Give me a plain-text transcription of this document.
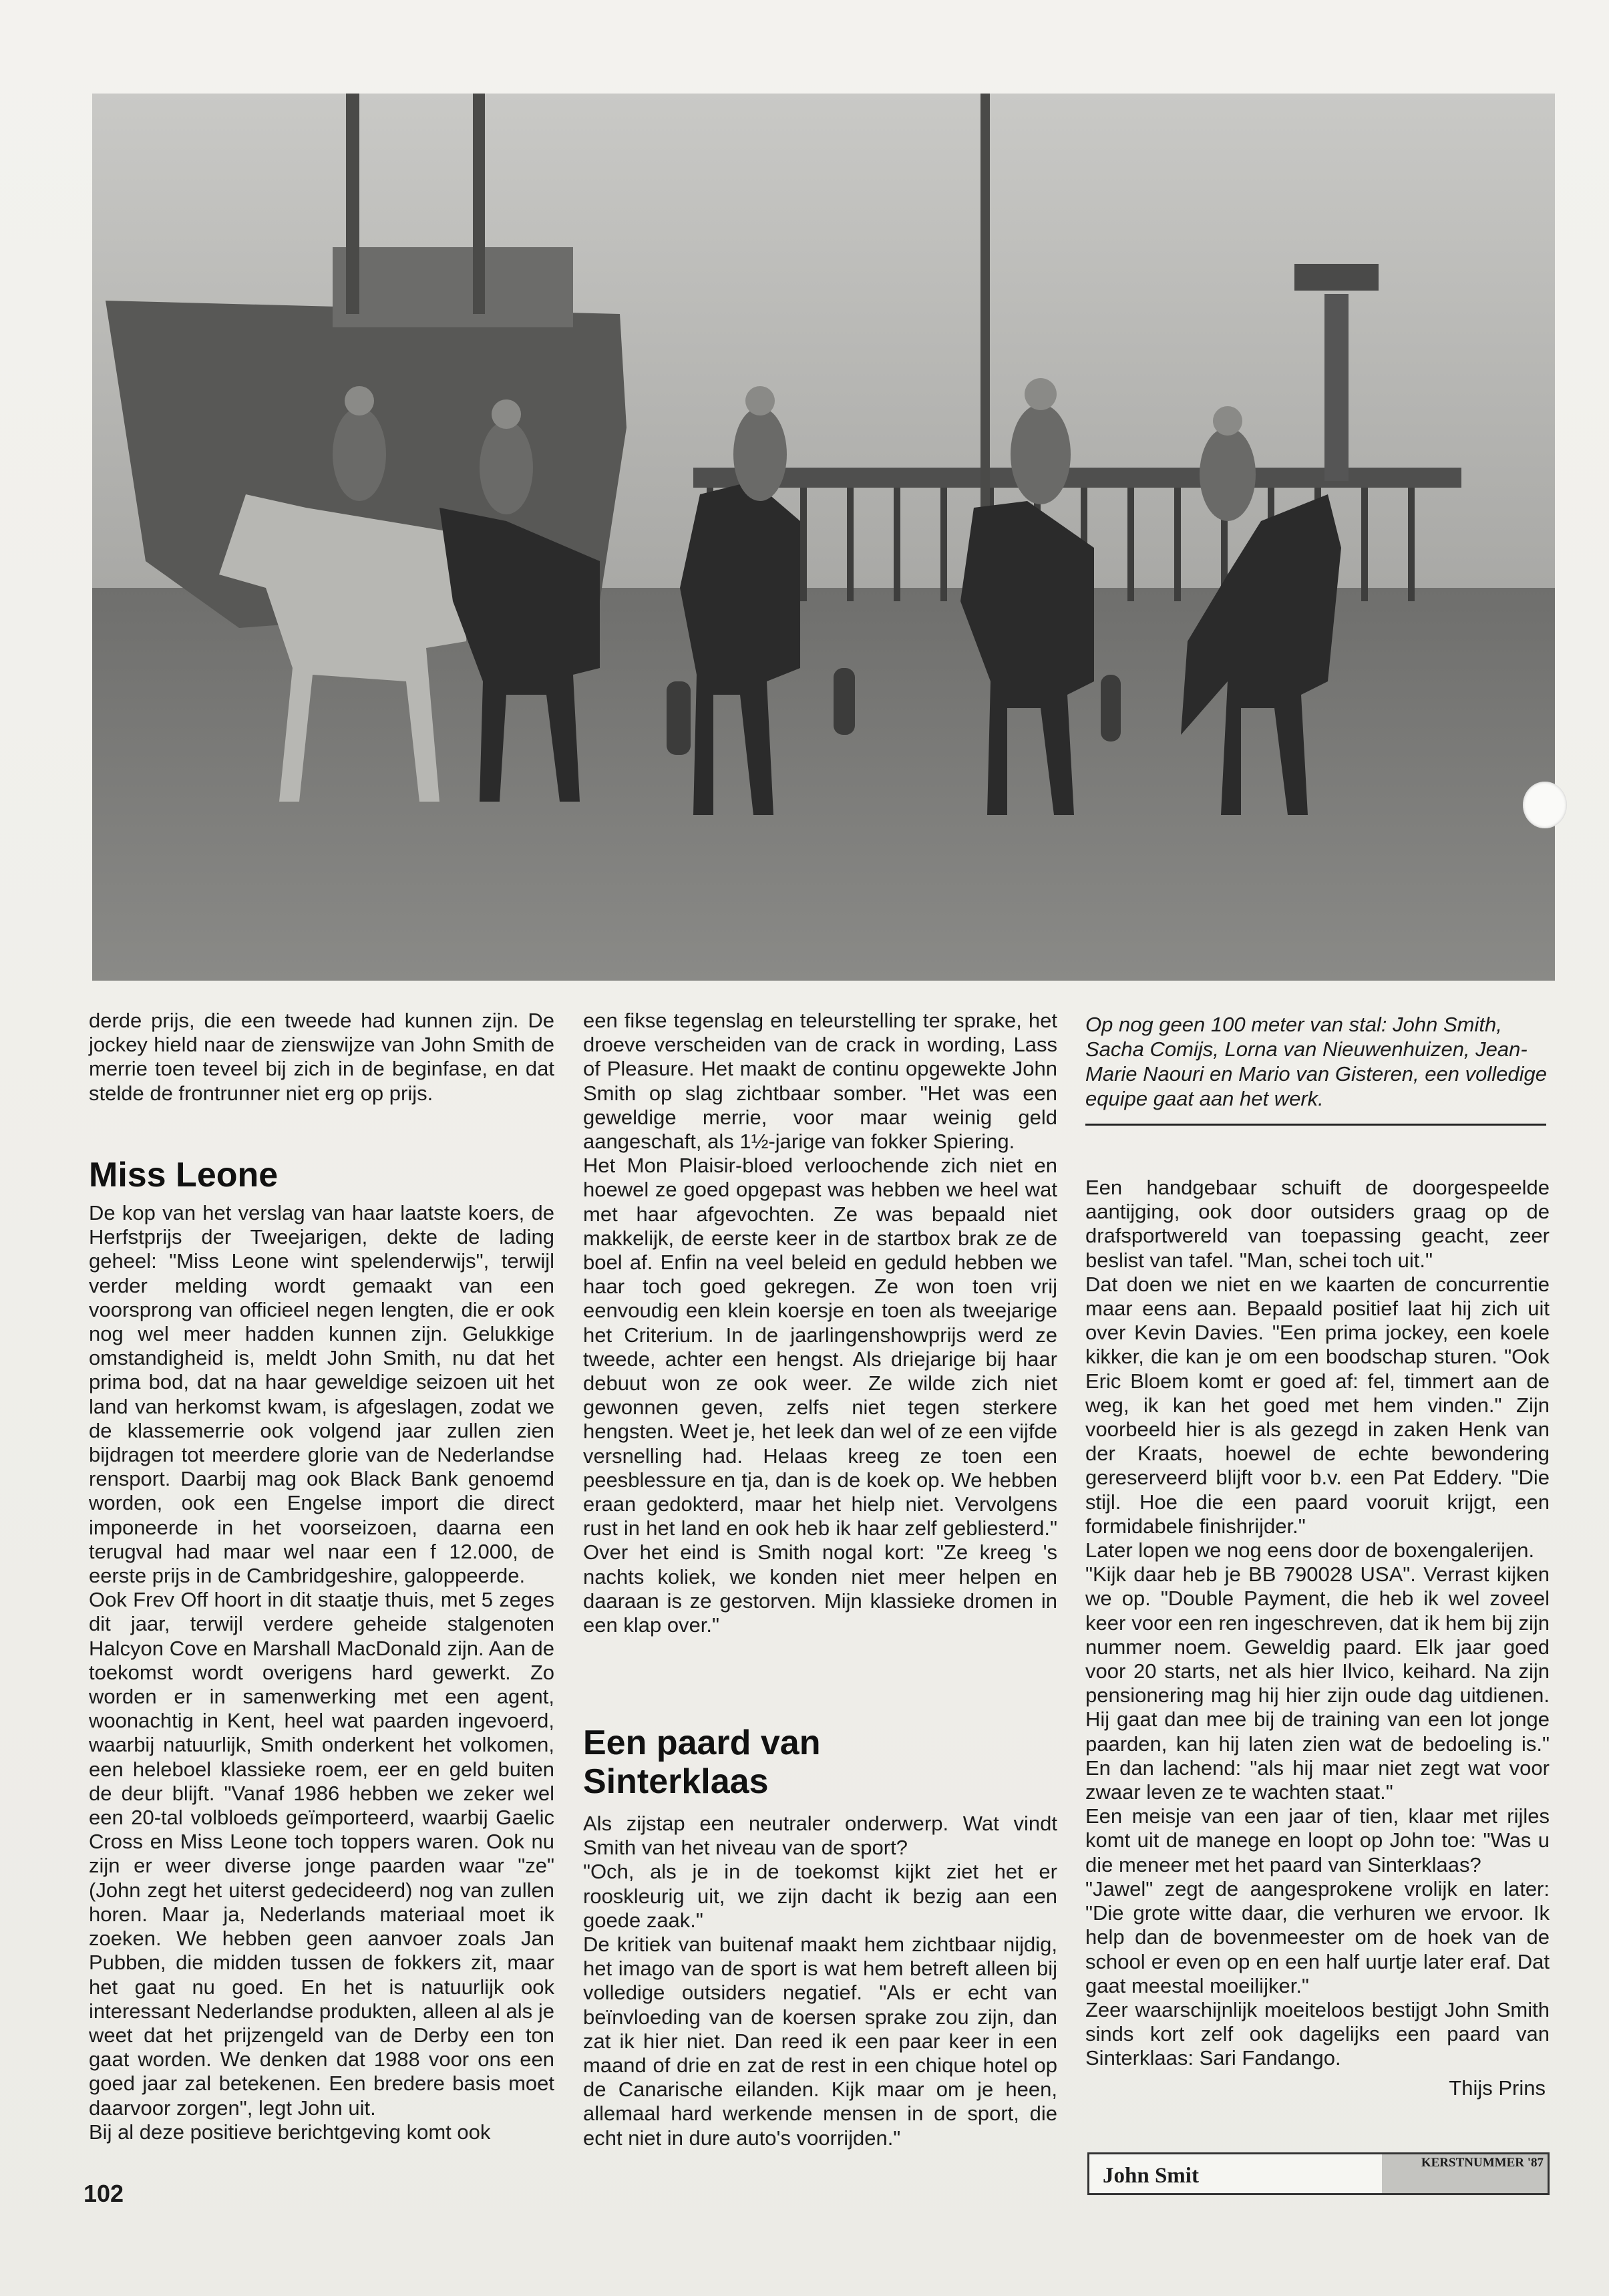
derde prijs, die een tweede had kunnen zijn. De jockey hield naar de zienswijze van John Smith de merrie toen teveel bij zich in de beginfase, en dat stelde de frontrunner niet erg op prijs.

Miss Leone

De kop van het verslag van haar laatste koers, de Herfstprijs der Tweejarigen, dekte de lading geheel: "Miss Leone wint spelenderwijs", terwijl verder melding wordt gemaakt van een voorsprong van officieel negen lengten, die er ook nog wel meer hadden kunnen zijn. Gelukkige omstandigheid is, meldt John Smith, nu dat het prima bod, dat na haar geweldige seizoen uit het land van herkomst kwam, is afgeslagen, zodat we de klassemerrie ook volgend jaar zullen zien bijdragen tot meerdere glorie van de Nederlandse rensport. Daarbij mag ook Black Bank genoemd worden, ook een Engelse import die direct imponeerde in het voorseizoen, daarna een terugval had maar wel naar een f 12.000, de eerste prijs in de Cambridgeshire, galoppeerde.

Ook Frev Off hoort in dit staatje thuis, met 5 zeges dit jaar, terwijl verdere geheide stalgenoten Halcyon Cove en Marshall MacDonald zijn. Aan de toekomst wordt overigens hard gewerkt. Zo worden er in samenwerking met een agent, woonachtig in Kent, heel wat paarden ingevoerd, waarbij natuurlijk, Smith onderkent het volkomen, een heleboel klassieke roem, eer en geld buiten de deur blijft. "Vanaf 1986 hebben we zeker wel een 20-tal volbloeds geïmporteerd, waarbij Gaelic Cross en Miss Leone toch toppers waren. Ook nu zijn er weer diverse jonge paarden waar "ze" (John zegt het uiterst gedecideerd) nog van zullen horen. Maar ja, Nederlands materiaal moet ik zoeken. We hebben geen aanvoer zoals Jan Pubben, die midden tussen de fokkers zit, maar het gaat nu goed. En het is natuurlijk ook interessant Nederlandse produkten, alleen al als je weet dat het prijzengeld van de Derby een ton gaat worden. We denken dat 1988 voor ons een goed jaar zal betekenen. Een bredere basis moet daarvoor zorgen", legt John uit.

Bij al deze positieve berichtgeving komt ook

een fikse tegenslag en teleurstelling ter sprake, het droeve verscheiden van de crack in wording, Lass of Pleasure. Het maakt de continu opgewekte John Smith op slag zichtbaar somber. "Het was een geweldige merrie, voor maar weinig geld aangeschaft, als 1½-jarige van fokker Spiering.

Het Mon Plaisir-bloed verloochende zich niet en hoewel ze goed opgepast was hebben we heel wat met haar afgevochten. Ze was bepaald niet makkelijk, de eerste keer in de startbox brak ze de boel af. Enfin na veel beleid en geduld hebben we haar toch goed gekregen. Ze won toen vrij eenvoudig een klein koersje en toen als tweejarige het Criterium. In de jaarlingenshowprijs werd ze tweede, achter een hengst. Als driejarige bij haar debuut won ze ook weer. Ze wilde zich niet gewonnen geven, zelfs niet tegen sterkere hengsten. Weet je, het leek dan wel of ze een vijfde versnelling had. Helaas kreeg ze toen een peesblessure en tja, dan is de koek op. We hebben eraan gedokterd, maar het hielp niet. Vervolgens rust in het land en ook heb ik haar zelf gebliesterd." Over het eind is Smith nogal kort: "Ze kreeg 's nachts koliek, we konden niet meer helpen en daaraan is ze gestorven. Mijn klassieke dromen in een klap over."

Een paard van Sinterklaas

Als zijstap een neutraler onderwerp. Wat vindt Smith van het niveau van de sport?

"Och, als je in de toekomst kijkt ziet het er rooskleurig uit, we zijn dacht ik bezig aan een goede zaak."

De kritiek van buitenaf maakt hem zichtbaar nijdig, het imago van de sport is wat hem betreft alleen bij volledige outsiders negatief. "Als er echt van beïnvloeding van de koersen sprake zou zijn, dan zat ik hier niet. Dan reed ik een paar keer in een maand of drie en zat de rest in een chique hotel op de Canarische eilanden. Kijk maar om je heen, allemaal hard werkende mensen in de sport, die echt niet in dure auto's voorrijden."

Op nog geen 100 meter van stal: John Smith, Sacha Comijs, Lorna van Nieuwenhuizen, Jean-Marie Naouri en Mario van Gisteren, een volledige equipe gaat aan het werk.

Een handgebaar schuift de doorgespeelde aantijging, ook door outsiders graag op de drafsportwereld van toepassing geacht, zeer beslist van tafel. "Man, schei toch uit."

Dat doen we niet en we kaarten de concurrentie maar eens aan. Bepaald positief laat hij zich uit over Kevin Davies. "Een prima jockey, een koele kikker, die kan je om een boodschap sturen. "Ook Eric Bloem komt er goed af: fel, timmert aan de weg, ik kan het goed met hem vinden." Zijn voorbeeld hier is als gezegd in zaken Henk van der Kraats, hoewel de echte bewondering gereserveerd blijft voor b.v. een Pat Eddery. "Die stijl. Hoe die een paard vooruit krijgt, een formidabele finishrijder."

Later lopen we nog eens door de boxengalerijen.

"Kijk daar heb je BB 790028 USA". Verrast kijken we op. "Double Payment, die heb ik wel zoveel keer voor een ren ingeschreven, dat ik hem bij zijn nummer noem. Geweldig paard. Elk jaar goed voor 20 starts, net als hier Ilvico, keihard. Na zijn pensionering mag hij hier zijn oude dag uitdienen. Hij gaat dan mee bij de training van een lot jonge paarden, kan hij laten zien wat de bedoeling is." En dan lachend: "als hij maar niet zegt wat voor zwaar leven ze te wachten staat."

Een meisje van een jaar of tien, klaar met rijles komt uit de manege en loopt op John toe: "Was u die meneer met het paard van Sinterklaas?

"Jawel" zegt de aangesprokene vrolijk en later: "Die grote witte daar, die verhuren we ervoor. Ik help dan de bovenmeester om de hoek van de school er even op en een half uurtje later eraf. Dat gaat meestal moeilijker."

Zeer waarschijnlijk moeiteloos bestijgt John Smith sinds kort zelf ook dagelijks een paard van Sinterklaas: Sari Fandango.

Thijs Prins
102
John Smit
KERSTNUMMER '87
